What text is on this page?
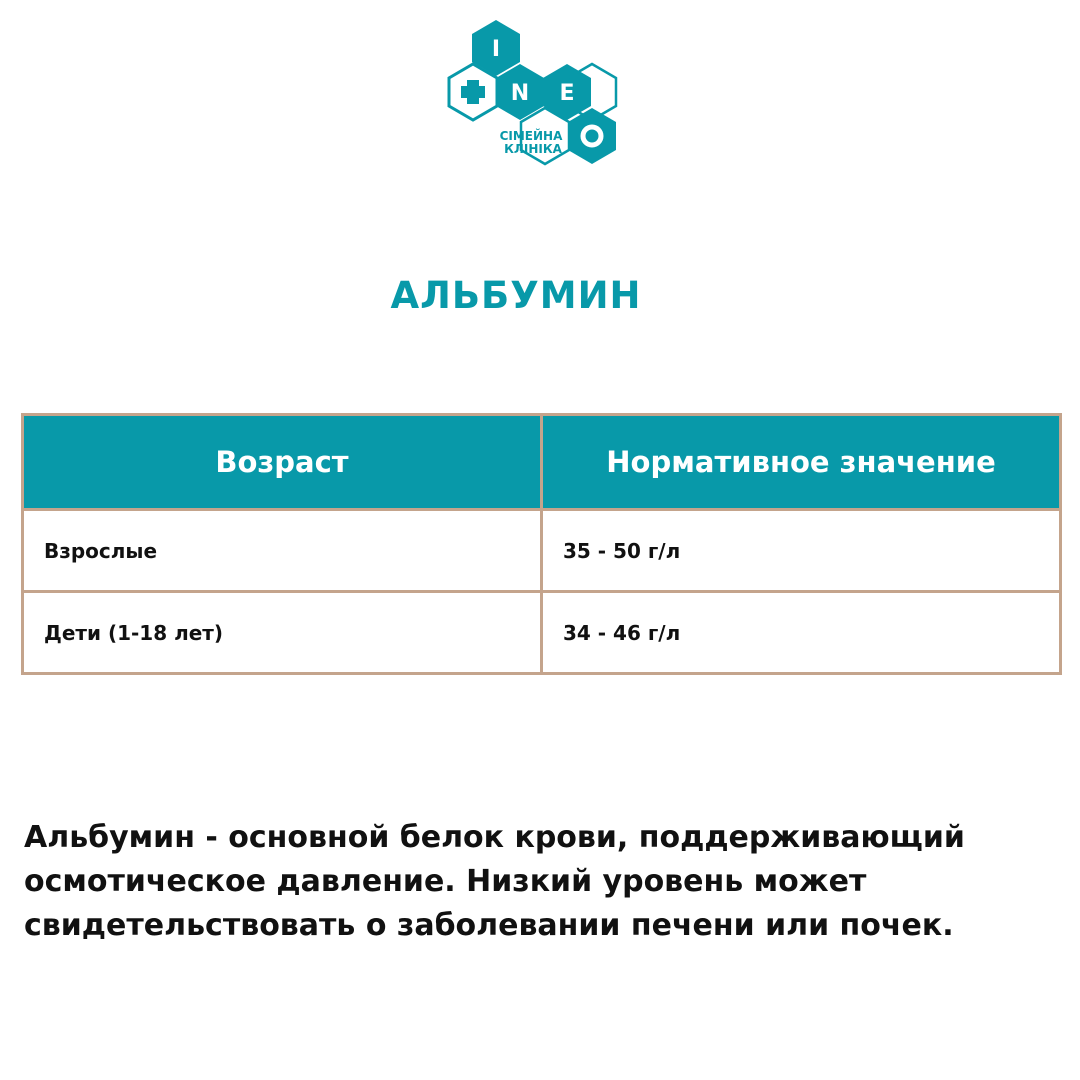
I
N E
СІМЕЙНА
КЛІНІКА
АЛЬБУМИН
Возраст	Нормативное значение
Взрослые	35 - 50 г/л
Дети (1-18 лет)	34 - 46 г/л

Альбумин - основной белок крови, поддерживающий осмотическое давление. Низкий уровень может свидетельствовать о заболевании печени или почек.
